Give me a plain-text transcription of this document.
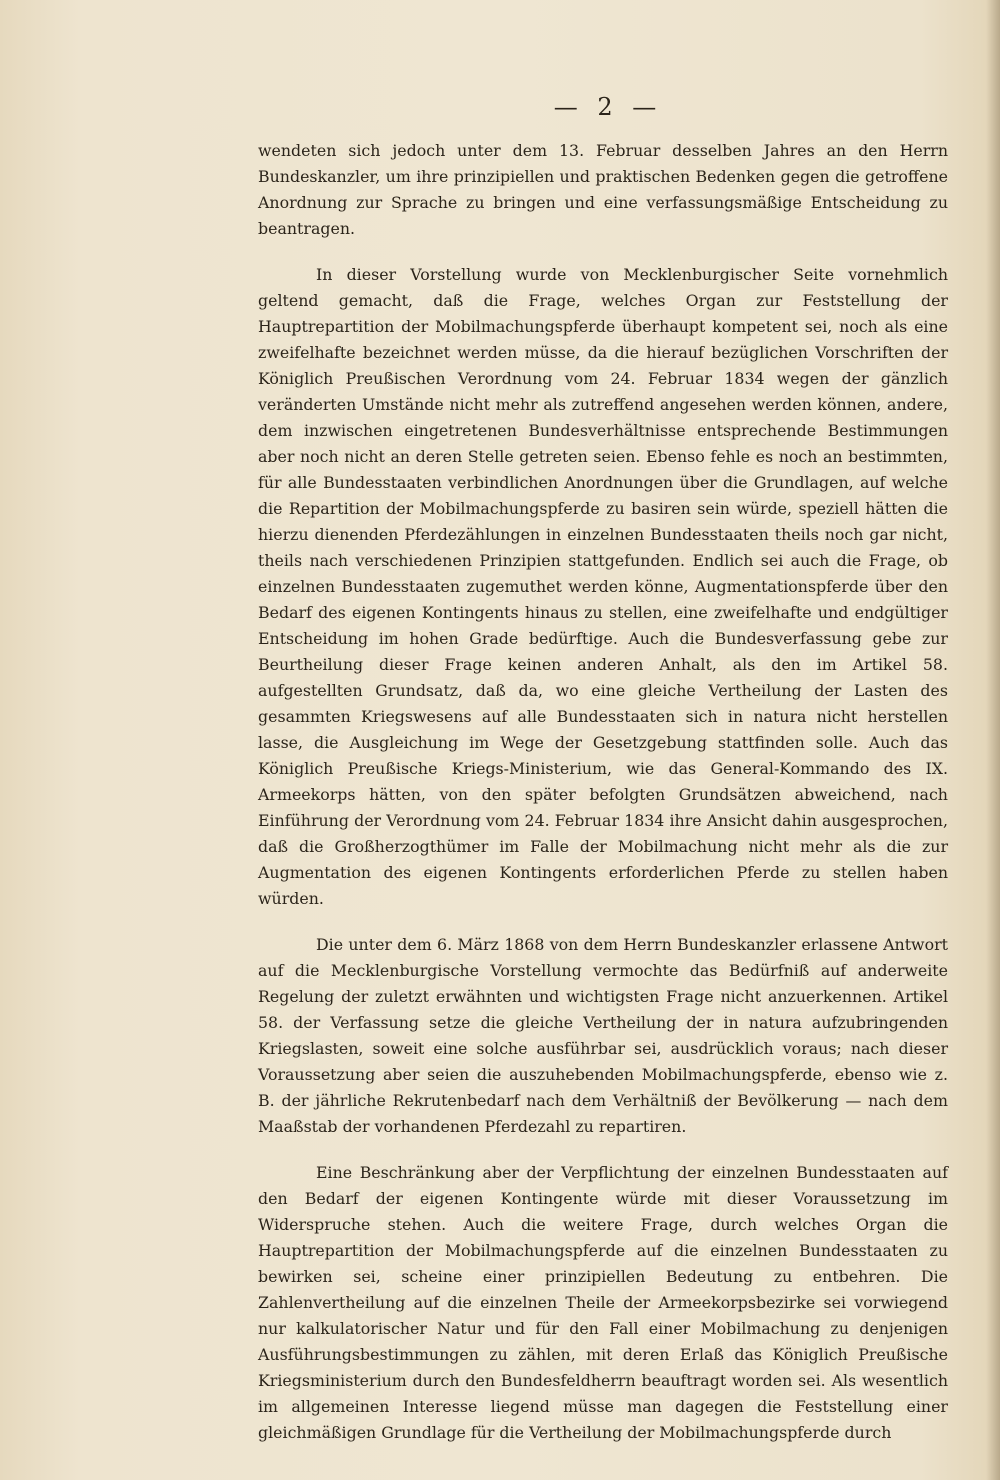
— 2 —

wendeten sich jedoch unter dem 13. Februar desselben Jahres an den Herrn Bundeskanzler, um ihre prinzipiellen und praktischen Bedenken gegen die getroffene Anordnung zur Sprache zu bringen und eine verfassungsmäßige Entscheidung zu beantragen.

In dieser Vorstellung wurde von Mecklenburgischer Seite vornehmlich geltend gemacht, daß die Frage, welches Organ zur Feststellung der Hauptrepartition der Mobilmachungspferde überhaupt kompetent sei, noch als eine zweifelhafte bezeichnet werden müsse, da die hierauf bezüglichen Vorschriften der Königlich Preußischen Verordnung vom 24. Februar 1834 wegen der gänzlich veränderten Umstände nicht mehr als zutreffend angesehen werden können, andere, dem inzwischen eingetretenen Bundesverhältnisse entsprechende Bestimmungen aber noch nicht an deren Stelle getreten seien. Ebenso fehle es noch an bestimmten, für alle Bundesstaaten verbindlichen Anordnungen über die Grundlagen, auf welche die Repartition der Mobilmachungspferde zu basiren sein würde, speziell hätten die hierzu dienenden Pferdezählungen in einzelnen Bundesstaaten theils noch gar nicht, theils nach verschiedenen Prinzipien stattgefunden. Endlich sei auch die Frage, ob einzelnen Bundesstaaten zugemuthet werden könne, Augmentationspferde über den Bedarf des eigenen Kontingents hinaus zu stellen, eine zweifelhafte und endgültiger Entscheidung im hohen Grade bedürftige. Auch die Bundesverfassung gebe zur Beurtheilung dieser Frage keinen anderen Anhalt, als den im Artikel 58. aufgestellten Grundsatz, daß da, wo eine gleiche Vertheilung der Lasten des gesammten Kriegswesens auf alle Bundesstaaten sich in natura nicht herstellen lasse, die Ausgleichung im Wege der Gesetzgebung stattfinden solle. Auch das Königlich Preußische Kriegs-Ministerium, wie das General-Kommando des IX. Armeekorps hätten, von den später befolgten Grundsätzen abweichend, nach Einführung der Verordnung vom 24. Februar 1834 ihre Ansicht dahin ausgesprochen, daß die Großherzogthümer im Falle der Mobilmachung nicht mehr als die zur Augmentation des eigenen Kontingents erforderlichen Pferde zu stellen haben würden.

Die unter dem 6. März 1868 von dem Herrn Bundeskanzler erlassene Antwort auf die Mecklenburgische Vorstellung vermochte das Bedürfniß auf anderweite Regelung der zuletzt erwähnten und wichtigsten Frage nicht anzuerkennen. Artikel 58. der Verfassung setze die gleiche Vertheilung der in natura aufzubringenden Kriegslasten, soweit eine solche ausführbar sei, ausdrücklich voraus; nach dieser Voraussetzung aber seien die auszuhebenden Mobilmachungspferde, ebenso wie z. B. der jährliche Rekrutenbedarf nach dem Verhältniß der Bevölkerung — nach dem Maaßstab der vorhandenen Pferdezahl zu repartiren.

Eine Beschränkung aber der Verpflichtung der einzelnen Bundesstaaten auf den Bedarf der eigenen Kontingente würde mit dieser Voraussetzung im Widerspruche stehen. Auch die weitere Frage, durch welches Organ die Hauptrepartition der Mobilmachungspferde auf die einzelnen Bundesstaaten zu bewirken sei, scheine einer prinzipiellen Bedeutung zu entbehren. Die Zahlenvertheilung auf die einzelnen Theile der Armeekorpsbezirke sei vorwiegend nur kalkulatorischer Natur und für den Fall einer Mobilmachung zu denjenigen Ausführungsbestimmungen zu zählen, mit deren Erlaß das Königlich Preußische Kriegsministerium durch den Bundesfeldherrn beauftragt worden sei. Als wesentlich im allgemeinen Interesse liegend müsse man dagegen die Feststellung einer gleichmäßigen Grundlage für die Vertheilung der Mobilmachungspferde durch
